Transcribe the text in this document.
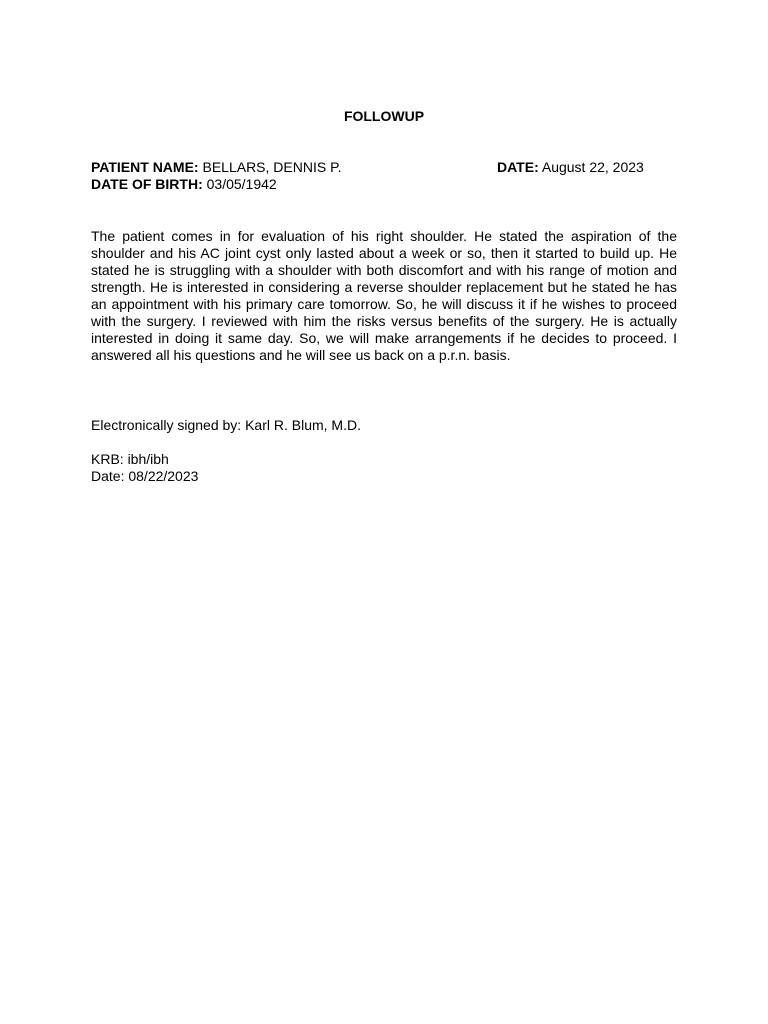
FOLLOWUP
PATIENT NAME: BELLARS, DENNIS P.	DATE: August 22, 2023
DATE OF BIRTH: 03/05/1942

The patient comes in for evaluation of his right shoulder. He stated the aspiration of the shoulder and his AC joint cyst only lasted about a week or so, then it started to build up. He stated he is struggling with a shoulder with both discomfort and with his range of motion and strength. He is interested in considering a reverse shoulder replacement but he stated he has an appointment with his primary care tomorrow. So, he will discuss it if he wishes to proceed with the surgery. I reviewed with him the risks versus benefits of the surgery. He is actually interested in doing it same day. So, we will make arrangements if he decides to proceed. I answered all his questions and he will see us back on a p.r.n. basis.

Electronically signed by: Karl R. Blum, M.D.
KRB: ibh/ibh
Date: 08/22/2023
